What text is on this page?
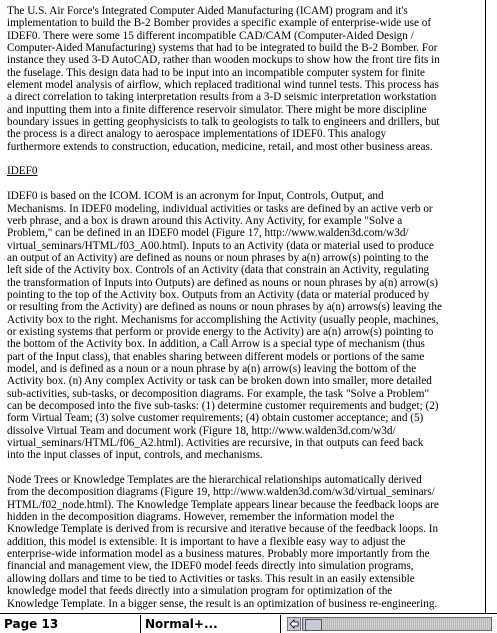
The U.S. Air Force's Integrated Computer Aided Manufacturing (ICAM) program and it's
implementation to build the B-2 Bomber provides a specific example of enterprise-wide use of
IDEF0. There were some 15 different incompatible CAD/CAM (Computer-Aided Design /
Computer-Aided Manufacturing) systems that had to be integrated to build the B-2 Bomber. For
instance they used 3-D AutoCAD, rather than wooden mockups to show how the front tire fits in
the fuselage. This design data had to be input into an incompatible computer system for finite
element model analysis of airflow, which replaced traditional wind tunnel tests. This process has
a direct correlation to taking interpretation results from a 3-D seismic interpretation workstation
and inputting them into a finite difference reservoir simulator. There might be more discipline
boundary issues in getting geophysicists to talk to geologists to talk to engineers and drillers, but
the process is a direct analogy to aerospace implementations of IDEF0. This analogy
furthermore extends to construction, education, medicine, retail, and most other business areas.
IDEF0
IDEF0 is based on the ICOM. ICOM is an acronym for Input, Controls, Output, and
Mechanisms. In IDEF0 modeling, individual activities or tasks are defined by an active verb or
verb phrase, and a box is drawn around this Activity. Any Activity, for example "Solve a
Problem," can be defined in an IDEF0 model (Figure 17, http://www.walden3d.com/w3d/
virtual_seminars/HTML/f03_A00.html). Inputs to an Activity (data or material used to produce
an output of an Activity) are defined as nouns or noun phrases by a(n) arrow(s) pointing to the
left side of the Activity box. Controls of an Activity (data that constrain an Activity, regulating
the transformation of Inputs into Outputs) are defined as nouns or noun phrases by a(n) arrow(s)
pointing to the top of the Activity box. Outputs from an Activity (data or material produced by
or resulting from the Activity) are defined as nouns or noun phrases by a(n) arrows(s) leaving the
Activity box to the right. Mechanisms for accomplishing the Activity (usually people, machines,
or existing systems that perform or provide energy to the Activity) are a(n) arrow(s) pointing to
the bottom of the Activity box. In addition, a Call Arrow is a special type of mechanism (thus
part of the Input class), that enables sharing between different models or portions of the same
model, and is defined as a noun or a noun phrase by a(n) arrow(s) leaving the bottom of the
Activity box. (n) Any complex Activity or task can be broken down into smaller, more detailed
sub-activities, sub-tasks, or decomposition diagrams. For example, the task "Solve a Problem"
can be decomposed into the five sub-tasks: (1) determine customer requirements and budget; (2)
form Virtual Team; (3) solve customer requirements; (4) obtain customer acceptance; and (5)
dissolve Virtual Team and document work (Figure 18, http://www.walden3d.com/w3d/
virtual_seminars/HTML/f06_A2.html). Activities are recursive, in that outputs can feed back
into the input classes of input, controls, and mechanisms.
Node Trees or Knowledge Templates are the hierarchical relationships automatically derived
from the decomposition diagrams (Figure 19, http://www.walden3d.com/w3d/virtual_seminars/
HTML/f02_node.html). The Knowledge Template appears linear because the feedback loops are
hidden in the decomposition diagrams. However, remember the information model the
Knowledge Template is derived from is recursive and iterative because of the feedback loops. In
addition, this model is extensible. It is important to have a flexible easy way to adjust the
enterprise-wide information model as a business matures. Probably more importantly from the
financial and management view, the IDEF0 model feeds directly into simulation programs,
allowing dollars and time to be tied to Activities or tasks. This result in an easily extensible
knowledge model that feeds directly into a simulation program for optimization of the
Knowledge Template. In a bigger sense, the result is an optimization of business re-engineering.
Page 13	Normal+...
